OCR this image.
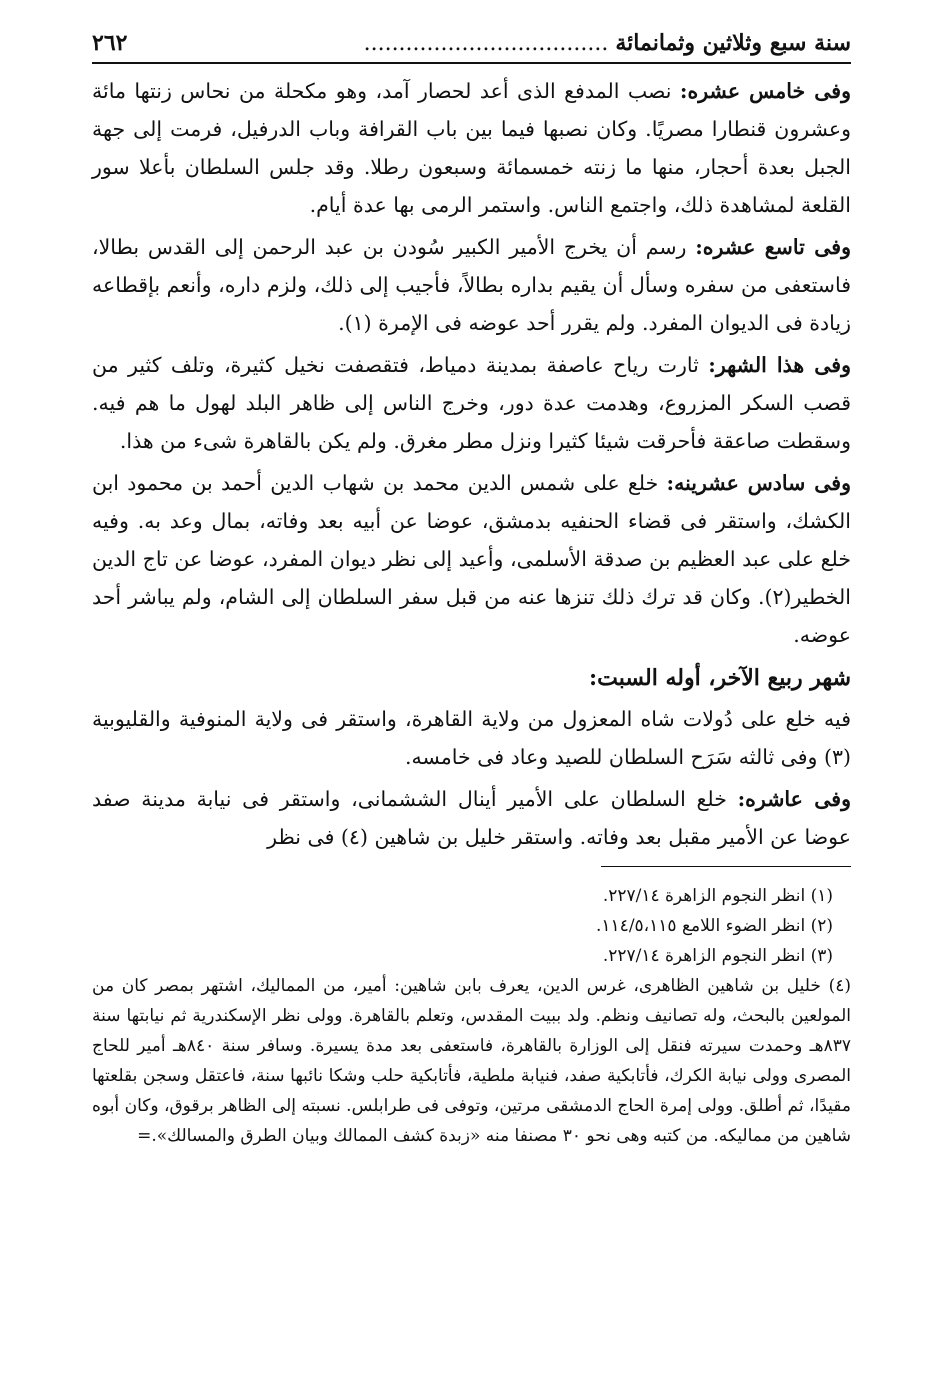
سنة سبع وثلاثين وثمانمائة .....
٢٦٢

وفى خامس عشره: نصب المدفع الذى أعد لحصار آمد، وهو مكحلة من نحاس زنتها مائة وعشرون قنطارا مصريًا. وكان نصبها فيما بين باب القرافة وباب الدرفيل، فرمت إلى جهة الجبل بعدة أحجار، منها ما زنته خمسمائة وسبعون رطلا. وقد جلس السلطان بأعلا سور القلعة لمشاهدة ذلك، واجتمع الناس. واستمر الرمى بها عدة أيام.

وفى تاسع عشره: رسم أن يخرج الأمير الكبير سُودن بن عبد الرحمن إلى القدس بطالا، فاستعفى من سفره وسأل أن يقيم بداره بطالاً، فأجيب إلى ذلك، ولزم داره، وأنعم بإقطاعه زيادة فى الديوان المفرد. ولم يقرر أحد عوضه فى الإمرة (١).

وفى هذا الشهر: ثارت رياح عاصفة بمدينة دمياط، فتقصفت نخيل كثيرة، وتلف كثير من قصب السكر المزروع، وهدمت عدة دور، وخرج الناس إلى ظاهر البلد لهول ما هم فيه. وسقطت صاعقة فأحرقت شيئا كثيرا ونزل مطر مغرق. ولم يكن بالقاهرة شىء من هذا.

وفى سادس عشرينه: خلع على شمس الدين محمد بن شهاب الدين أحمد بن محمود ابن الكشك، واستقر فى قضاء الحنفيه بدمشق، عوضا عن أبيه بعد وفاته، بمال وعد به. وفيه خلع على عبد العظيم بن صدقة الأسلمى، وأعيد إلى نظر ديوان المفرد، عوضا عن تاج الدين الخطير(٢). وكان قد ترك ذلك تنزها عنه من قبل سفر السلطان إلى الشام، ولم يباشر أحد عوضه.

شهر ربيع الآخر، أوله السبت:

فيه خلع على دُولات شاه المعزول من ولاية القاهرة، واستقر فى ولاية المنوفية والقليوبية (٣) وفى ثالثه سَرَح السلطان للصيد وعاد فى خامسه.

وفى عاشره: خلع السلطان على الأمير أينال الششمانى، واستقر فى نيابة مدينة صفد عوضا عن الأمير مقبل بعد وفاته. واستقر خليل بن شاهين (٤) فى نظر

(١) انظر النجوم الزاهرة ٢٢٧/١٤.

(٢) انظر الضوء اللامع ١١٤/٥،١١٥.

(٣) انظر النجوم الزاهرة ٢٢٧/١٤.

(٤) خليل بن شاهين الظاهرى، غرس الدين، يعرف بابن شاهين: أمير، من المماليك، اشتهر بمصر كان من المولعين بالبحث، وله تصانيف ونظم. ولد ببيت المقدس، وتعلم بالقاهرة. وولى نظر الإسكندرية ثم نيابتها سنة ٨٣٧هـ وحمدت سيرته فنقل إلى الوزارة بالقاهرة، فاستعفى بعد مدة يسيرة. وسافر سنة ٨٤٠هـ أمير للحاج المصرى وولى نيابة الكرك، فأتابكية صفد، فنيابة ملطية، فأتابكية حلب وشكا نائبها سنة، فاعتقل وسجن بقلعتها مقيدًا، ثم أطلق. وولى إمرة الحاج الدمشقى مرتين، وتوفى فى طرابلس. نسبته إلى الظاهر برقوق، وكان أبوه شاهين من مماليكه. من كتبه وهى نحو ٣٠ مصنفا منه «زبدة كشف الممالك وبيان الطرق والمسالك».=
